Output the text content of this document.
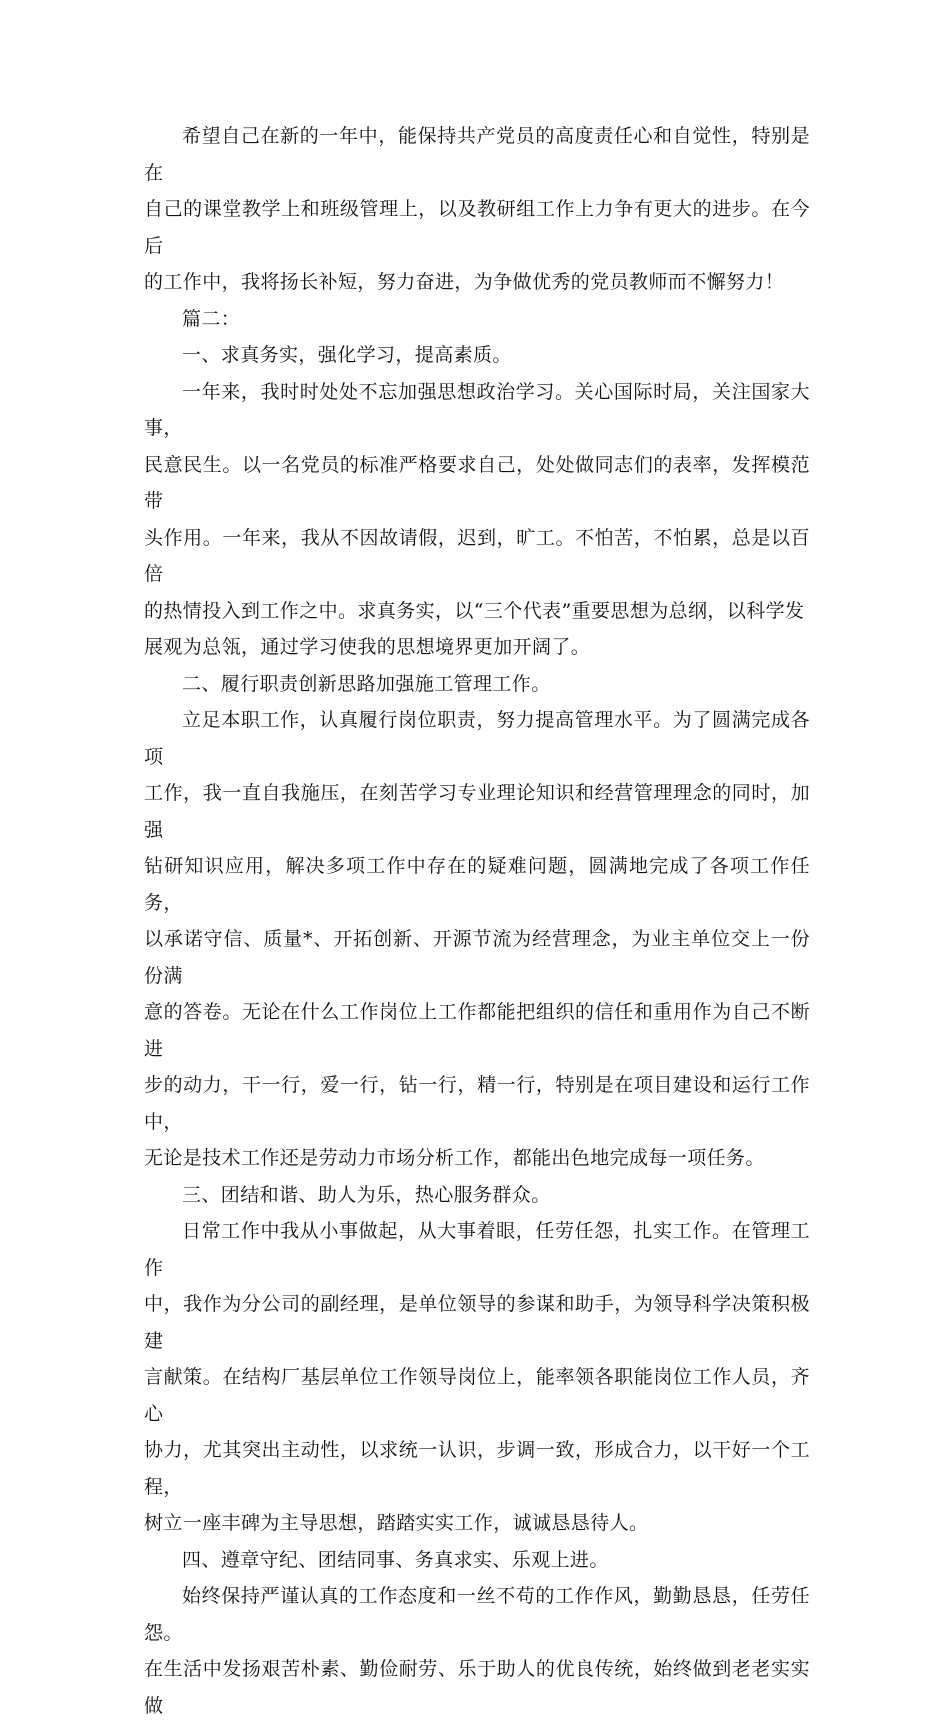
希望自己在新的一年中，能保持共产党员的高度责任心和自觉性，特别是在
自己的课堂教学上和班级管理上，以及教研组工作上力争有更大的进步。在今后
的工作中，我将扬长补短，努力奋进，为争做优秀的党员教师而不懈努力！

篇二：

一、求真务实，强化学习，提高素质。

一年来，我时时处处不忘加强思想政治学习。关心国际时局，关注国家大事，
民意民生。以一名党员的标准严格要求自己，处处做同志们的表率，发挥模范带
头作用。一年来，我从不因故请假，迟到，旷工。不怕苦，不怕累，总是以百倍
的热情投入到工作之中。求真务实，以“三个代表”重要思想为总纲，以科学发
展观为总瓴，通过学习使我的思想境界更加开阔了。

二、履行职责创新思路加强施工管理工作。

立足本职工作，认真履行岗位职责，努力提高管理水平。为了圆满完成各项
工作，我一直自我施压，在刻苦学习专业理论知识和经营管理理念的同时，加强
钻研知识应用，解决多项工作中存在的疑难问题，圆满地完成了各项工作任务，
以承诺守信、质量*、开拓创新、开源节流为经营理念，为业主单位交上一份份满
意的答卷。无论在什么工作岗位上工作都能把组织的信任和重用作为自己不断进
步的动力，干一行，爱一行，钻一行，精一行，特别是在项目建设和运行工作中，
无论是技术工作还是劳动力市场分析工作，都能出色地完成每一项任务。

三、团结和谐、助人为乐，热心服务群众。

日常工作中我从小事做起，从大事着眼，任劳任怨，扎实工作。在管理工作
中，我作为分公司的副经理，是单位领导的参谋和助手，为领导科学决策积极建
言献策。在结构厂基层单位工作领导岗位上，能率领各职能岗位工作人员，齐心
协力，尤其突出主动性，以求统一认识，步调一致，形成合力，以干好一个工程，
树立一座丰碑为主导思想，踏踏实实工作，诚诚恳恳待人。

四、遵章守纪、团结同事、务真求实、乐观上进。

始终保持严谨认真的工作态度和一丝不苟的工作作风，勤勤恳恳，任劳任怨。
在生活中发扬艰苦朴素、勤俭耐劳、乐于助人的优良传统，始终做到老老实实做
